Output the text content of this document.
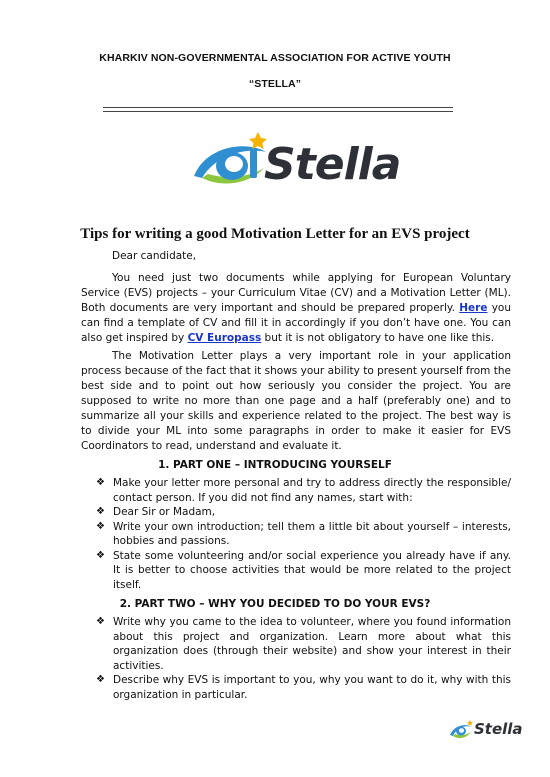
KHARKIV NON-GOVERNMENTAL ASSOCIATION FOR ACTIVE YOUTH
“STELLA”
Stella
Tips for writing a good Motivation Letter for an EVS project
Dear candidate,
You need just two documents while applying for European Voluntary Service (EVS) projects – your Curriculum Vitae (CV) and a Motivation Letter (ML). Both documents are very important and should be prepared properly. Here you can find a template of CV and fill it in accordingly if you don’t have one. You can also get inspired by CV Europass but it is not obligatory to have one like this.
The Motivation Letter plays a very important role in your application process because of the fact that it shows your ability to present yourself from the best side and to point out how seriously you consider the project. You are supposed to write no more than one page and a half (preferably one) and to summarize all your skills and experience related to the project. The best way is to divide your ML into some paragraphs in order to make it easier for EVS Coordinators to read, understand and evaluate it.
1. PART ONE – INTRODUCING YOURSELF
❖ Make your letter more personal and try to address directly the responsible/ contact person. If you did not find any names, start with:
❖ Dear Sir or Madam,
❖ Write your own introduction; tell them a little bit about yourself – interests, hobbies and passions.
❖ State some volunteering and/or social experience you already have if any. It is better to choose activities that would be more related to the project itself.
2. PART TWO – WHY YOU DECIDED TO DO YOUR EVS?
❖ Write why you came to the idea to volunteer, where you found information about this project and organization. Learn more about what this organization does (through their website) and show your interest in their activities.
❖ Describe why EVS is important to you, why you want to do it, why with this organization in particular.
Stella
